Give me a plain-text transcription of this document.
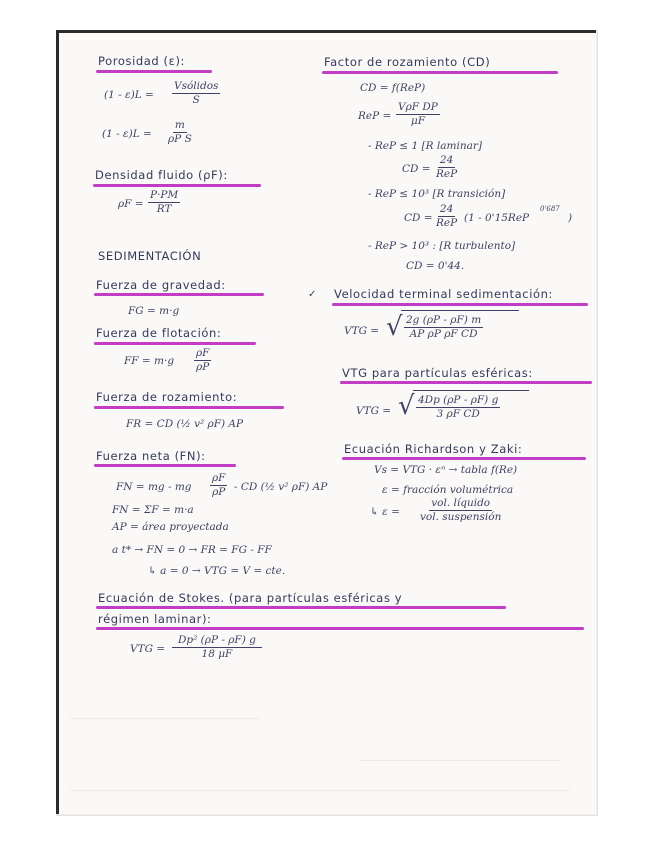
Porosidad (ε):
(1 - ε)L =
Vsólidos
S
$(1 - \varepsilon)L = \frac{m}{\text{ρP S}}$
Densidad fluido (ρF):
$\rho F = \frac{P\cdot PM}{RT}$
SEDIMENTACIÓN
Fuerza de gravedad:
FG = m·g
Fuerza de flotación:
FF = $m\cdot g \frac{\rho F}{\rho P}$
Fuerza de rozamiento:
FR = CD (½ v² ρF) AP
Fuerza neta (FN):
FN = mg - mg $\frac{\rho F}{\rho P}$ - CD (½ v² ρF) AP
FN = ΣF = m·a
AP = área proyectada
a t* → FN = 0 → FR = FG - FF
↳ a = 0 → VTG = V = cte.
Ecuación de Stokes. (para partículas esféricas y
régimen laminar):
VTG = $\frac{\text{Dp² (ρP - ρF) g}}{18 \mu F}$
Factor de rozamiento (CD)
CD = f(ReP)
ReP =
VρF DP
μF
- ReP ≤ 1 [R laminar]
CD =
24
ReP
- ReP ≤ 10³ [R transición]
CD =
24
ReP (1 - 0'15ReP
0'687
)
- ReP > 10³ : [R turbulento]
CD = 0'44.
✓ Velocidad terminal sedimentación:
VTG = √ $\frac{2g (\rho P - \rho F) m}{\text{AP ρP ρF CD}}$
VTG para partículas esféricas:
VTG = √ $\frac{4Dp (\rho P - \rho F) g}{\text{3 ρF CD}}$
Ecuación Richardson y Zaki:
Vs = VTG · εⁿ → tabla f(Re)
ε = fracción volumétrica
↳ ε =
vol. líquido
vol. suspensión
